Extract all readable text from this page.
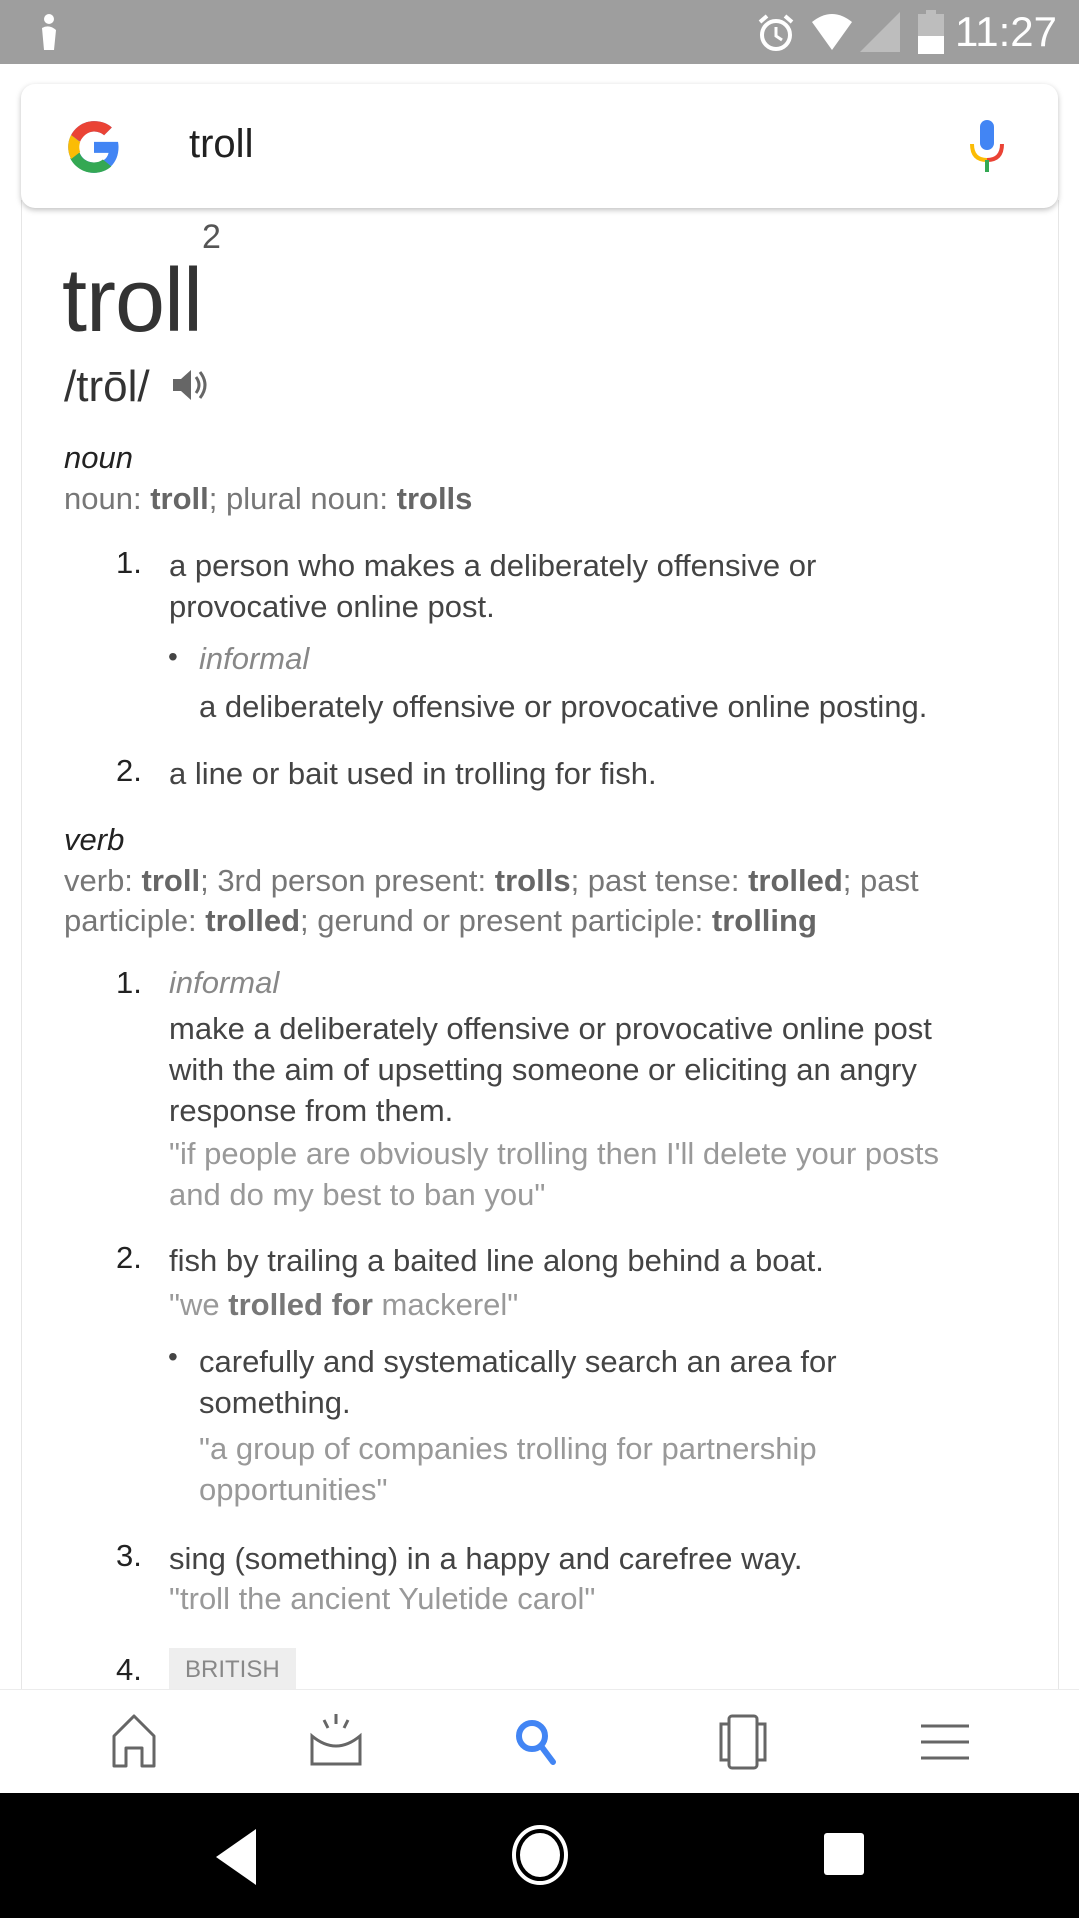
11:27
troll
troll$^2$
/trōl/
noun
noun: troll; plural noun: trolls
1. a person who makes a deliberately offensive or
provocative online post.
• informal
a deliberately offensive or provocative online posting.
2. a line or bait used in trolling for fish.
verb
verb: troll; 3rd person present: trolls; past tense: trolled; past
participle: trolled; gerund or present participle: trolling
1. informal
make a deliberately offensive or provocative online post
with the aim of upsetting someone or eliciting an angry
response from them.
"if people are obviously trolling then I'll delete your posts
and do my best to ban you"
2. fish by trailing a baited line along behind a boat.
"we trolled for mackerel"
• carefully and systematically search an area for
something.
"a group of companies trolling for partnership
opportunities"
3. sing (something) in a happy and carefree way.
"troll the ancient Yuletide carol"
4.	BRITISH
